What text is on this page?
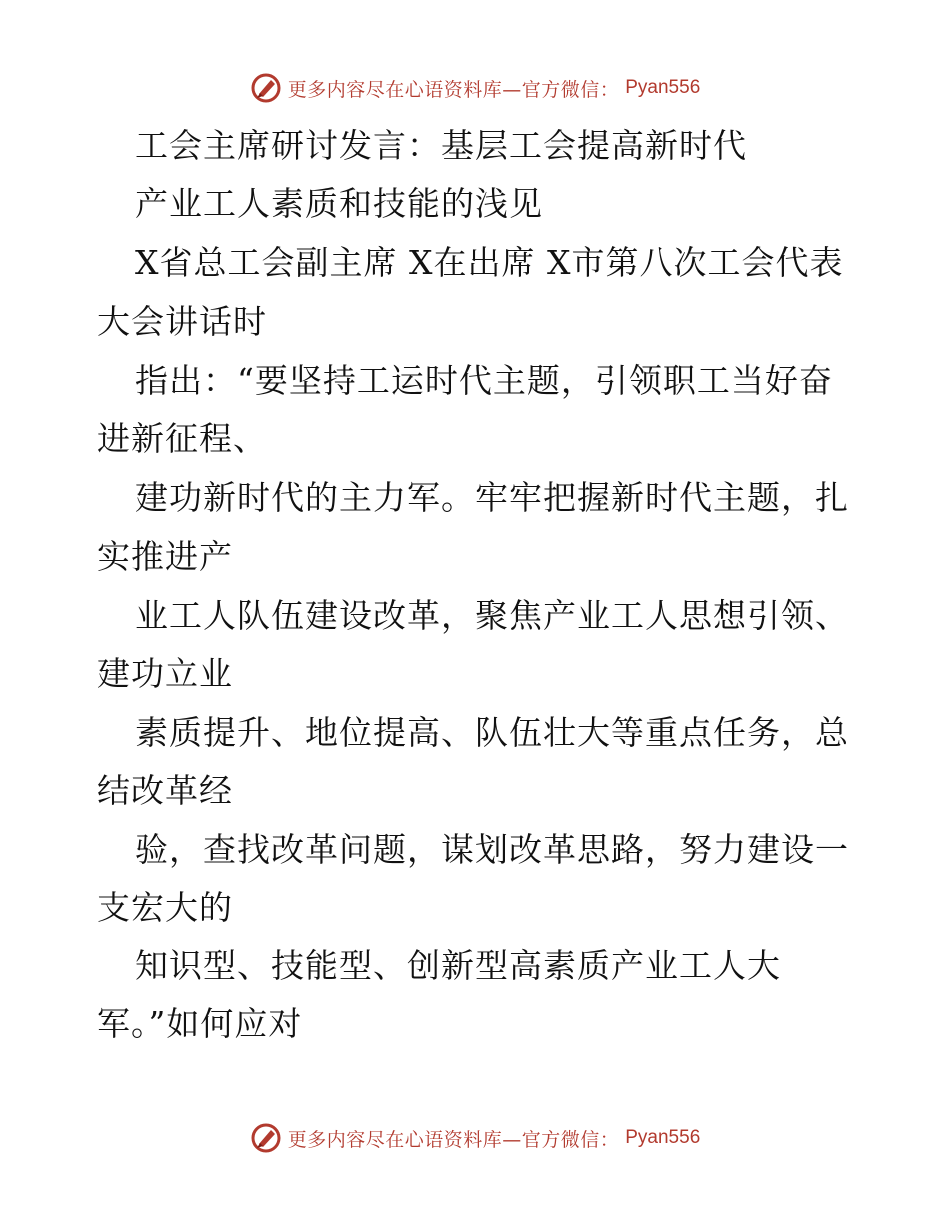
更多内容尽在心语资料库—官方微信： Pyan556
工会主席研讨发言：基层工会提高新时代
产业工人素质和技能的浅见
X省总工会副主席 X在出席 X市第八次工会代表
大会讲话时
指出：“要坚持工运时代主题，引领职工当好奋
进新征程、
建功新时代的主力军。牢牢把握新时代主题，扎
实推进产
业工人队伍建设改革，聚焦产业工人思想引领、
建功立业
素质提升、地位提高、队伍壮大等重点任务，总
结改革经
验，查找改革问题，谋划改革思路，努力建设一
支宏大的
知识型、技能型、创新型高素质产业工人大
军。”如何应对
更多内容尽在心语资料库—官方微信： Pyan556
